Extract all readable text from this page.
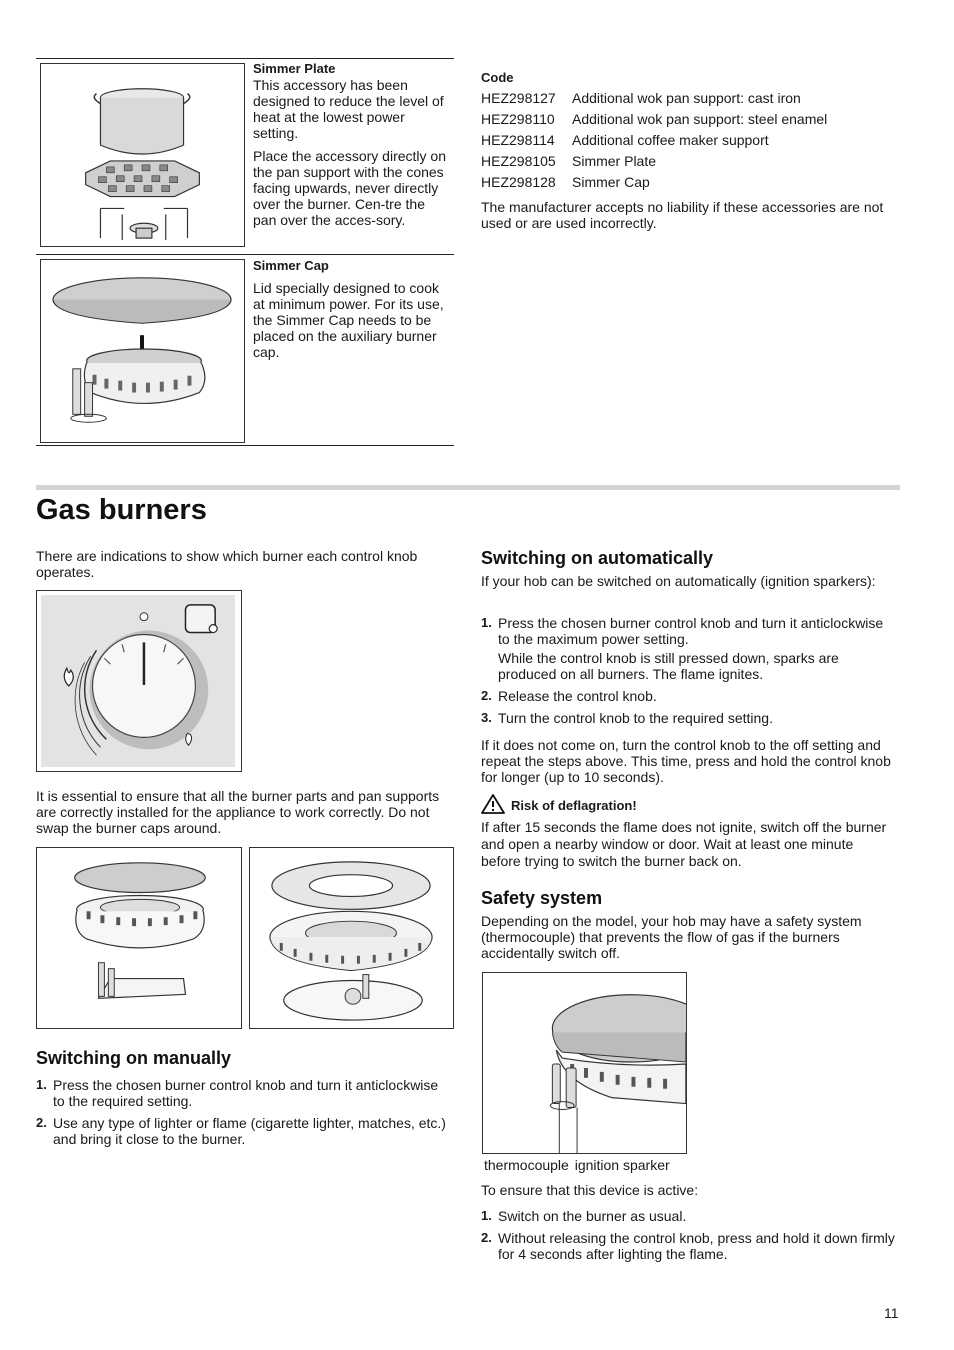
Simmer Plate

This accessory has been designed to reduce the level of heat at the lowest power setting.

Place the accessory directly on the pan support with the cones facing upwards, never directly over the burner. Cen-tre the pan over the acces-sory.

Simmer Cap

Lid specially designed to cook at minimum power. For its use, the Simmer Cap needs to be placed on the auxiliary burner cap.

Code

HEZ298127	Additional wok pan support: cast iron
HEZ298110	Additional wok pan support: steel enamel
HEZ298114	Additional coffee maker support
HEZ298105	Simmer Plate
HEZ298128	Simmer Cap

The manufacturer accepts no liability if these accessories are not used or are used incorrectly.

Gas burners

There are indications to show which burner each control knob operates.

It is essential to ensure that all the burner parts and pan supports are correctly installed for the appliance to work correctly. Do not swap the burner caps around.

Switching on manually
1. Press the chosen burner control knob and turn it anticlockwise to the required setting.
2. Use any type of lighter or flame (cigarette lighter, matches, etc.) and bring it close to the burner.
Switching on automatically

If your hob can be switched on automatically (ignition sparkers):

1. Press the chosen burner control knob and turn it anticlockwise to the maximum power setting.

While the control knob is still pressed down, sparks are produced on all burners. The flame ignites.

2. Release the control knob.
3. Turn the control knob to the required setting.

If it does not come on, turn the control knob to the off setting and repeat the steps above. This time, press and hold the control knob for longer (up to 10 seconds).

Risk of deflagration!

If after 15 seconds the flame does not ignite, switch off the burner and open a nearby window or door. Wait at least one minute before trying to switch the burner back on.

Safety system

Depending on the model, your hob may have a safety system (thermocouple) that prevents the flow of gas if the burners accidentally switch off.

thermocouple ignition sparker

To ensure that this device is active:

1. Switch on the burner as usual.
2. Without releasing the control knob, press and hold it down firmly for 4 seconds after lighting the flame.
11
